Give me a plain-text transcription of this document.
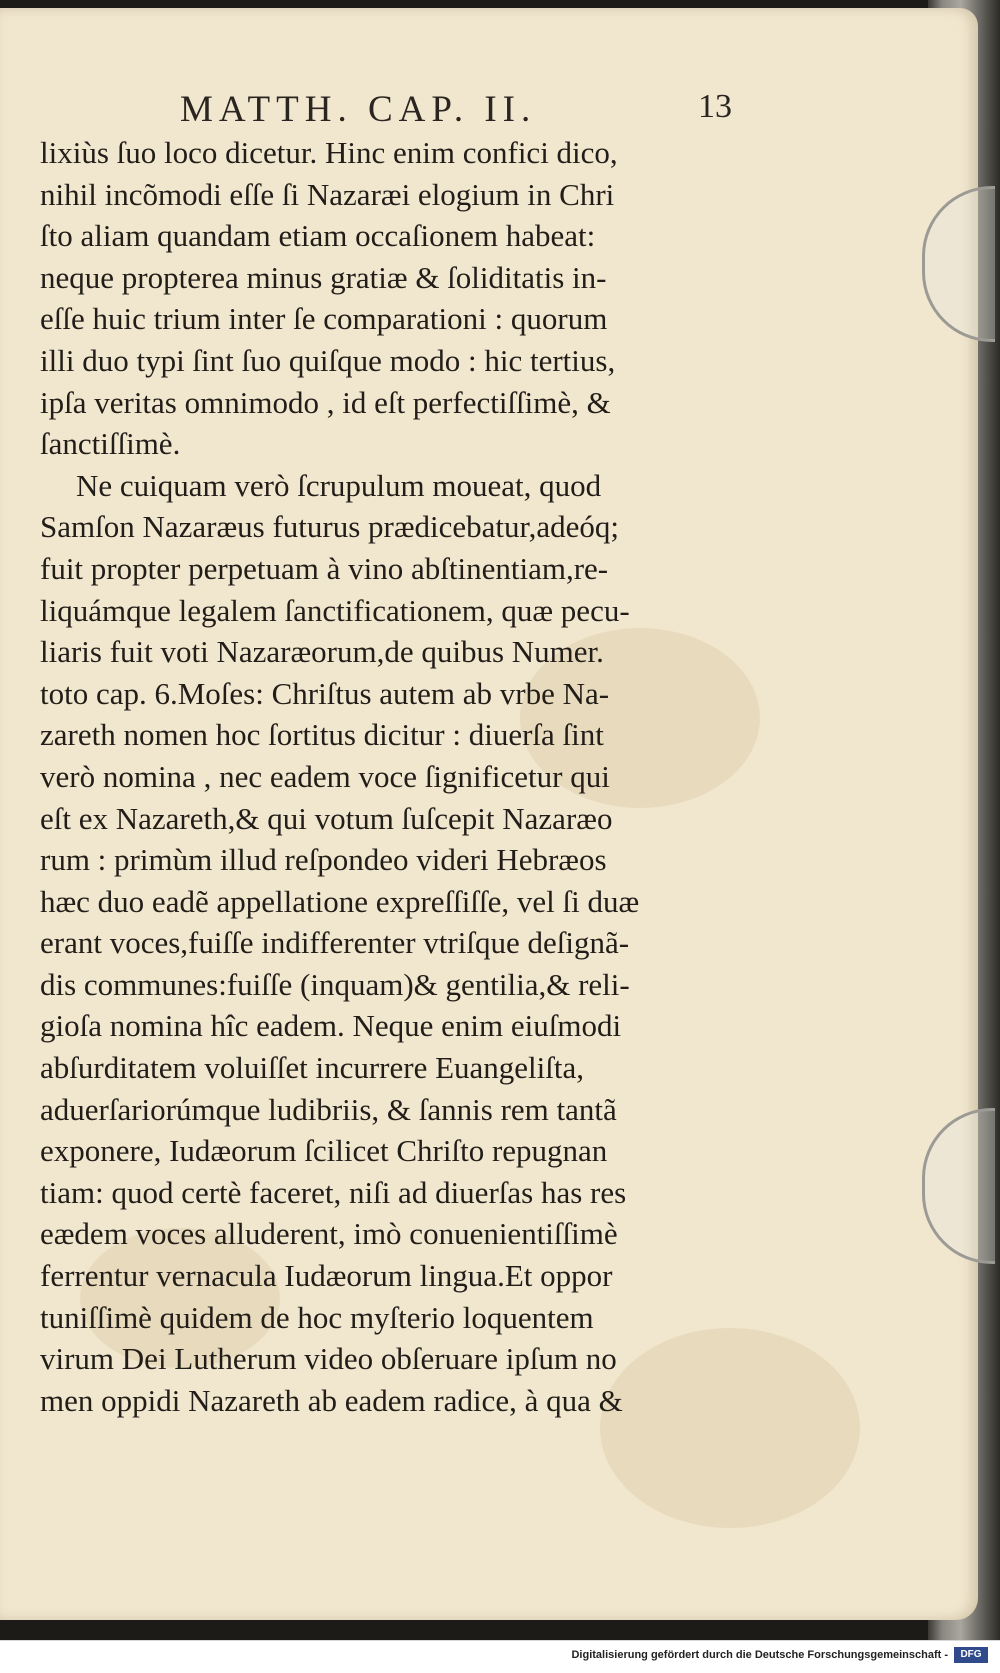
MATTH. CAP. II.	13
lixiùs ſuo loco dicetur. Hinc enim confici dico,
nihil incõmodi eſſe ſi Nazaræi elogium in Chri
ſto aliam quandam etiam occaſionem habeat:
neque propterea minus gratiæ & ſoliditatis in-
eſſe huic trium inter ſe comparationi : quorum
illi duo typi ſint ſuo quiſque modo : hic tertius,
ipſa veritas omnimodo , id eſt perfectiſſimè, &
ſanctiſſimè.
Ne cuiquam verò ſcrupulum moueat, quod
Samſon Nazaræus futurus prædicebatur,adeóq;
fuit propter perpetuam à vino abſtinentiam,re-
liquámque legalem ſanctificationem, quæ pecu-
liaris fuit voti Nazaræorum,de quibus Numer.
toto cap. 6.Moſes: Chriſtus autem ab vrbe Na-
zareth nomen hoc ſortitus dicitur : diuerſa ſint
verò nomina , nec eadem voce ſignificetur qui
eſt ex Nazareth,& qui votum ſuſcepit Nazaræo
rum : primùm illud reſpondeo videri Hebræos
hæc duo eadẽ appellatione expreſſiſſe, vel ſi duæ
erant voces,fuiſſe indifferenter vtriſque deſignã-
dis communes:fuiſſe (inquam)& gentilia,& reli-
gioſa nomina hîc eadem. Neque enim eiuſmodi
abſurditatem voluiſſet incurrere Euangeliſta,
aduerſariorúmque ludibriis, & ſannis rem tantã
exponere, Iudæorum ſcilicet Chriſto repugnan
tiam: quod certè faceret, niſi ad diuerſas has res
eædem voces alluderent, imò conuenientiſſimè
ferrentur vernacula Iudæorum lingua.Et oppor
tuniſſimè quidem de hoc myſterio loquentem
virum Dei Lutherum video obſeruare ipſum no
men oppidi Nazareth ab eadem radice, à qua &
Digitalisierung gefördert durch die Deutsche Forschungsgemeinschaft -	DFG
